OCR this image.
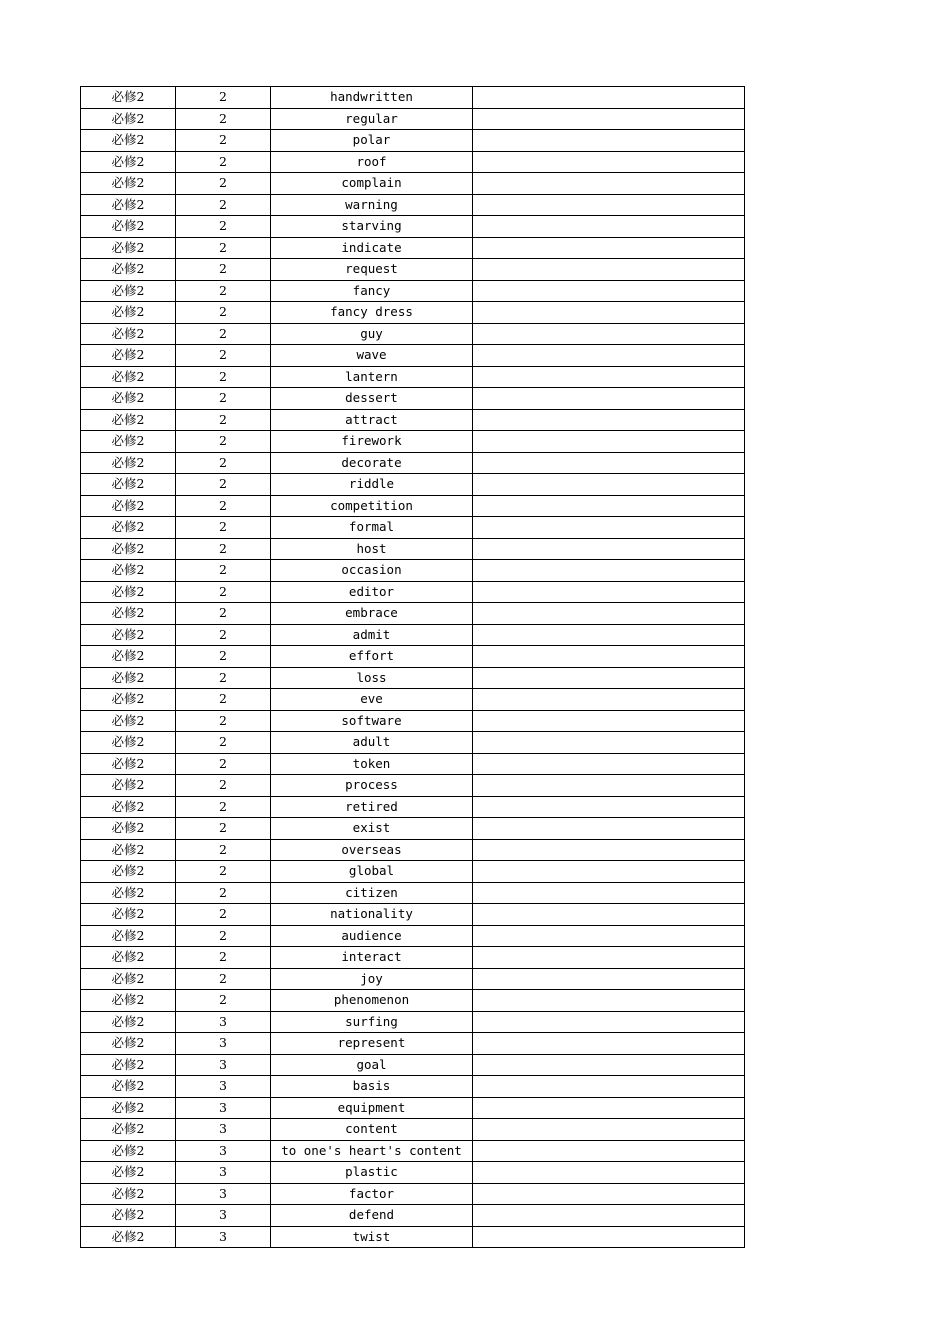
必修2	2	handwritten	
必修2	2	regular	
必修2	2	polar	
必修2	2	roof	
必修2	2	complain	
必修2	2	warning	
必修2	2	starving	
必修2	2	indicate	
必修2	2	request	
必修2	2	fancy	
必修2	2	fancy dress	
必修2	2	guy	
必修2	2	wave	
必修2	2	lantern	
必修2	2	dessert	
必修2	2	attract	
必修2	2	firework	
必修2	2	decorate	
必修2	2	riddle	
必修2	2	competition	
必修2	2	formal	
必修2	2	host	
必修2	2	occasion	
必修2	2	editor	
必修2	2	embrace	
必修2	2	admit	
必修2	2	effort	
必修2	2	loss	
必修2	2	eve	
必修2	2	software	
必修2	2	adult	
必修2	2	token	
必修2	2	process	
必修2	2	retired	
必修2	2	exist	
必修2	2	overseas	
必修2	2	global	
必修2	2	citizen	
必修2	2	nationality	
必修2	2	audience	
必修2	2	interact	
必修2	2	joy	
必修2	2	phenomenon	
必修2	3	surfing	
必修2	3	represent	
必修2	3	goal	
必修2	3	basis	
必修2	3	equipment	
必修2	3	content	
必修2	3	to one's heart's content	
必修2	3	plastic	
必修2	3	factor	
必修2	3	defend	
必修2	3	twist	
